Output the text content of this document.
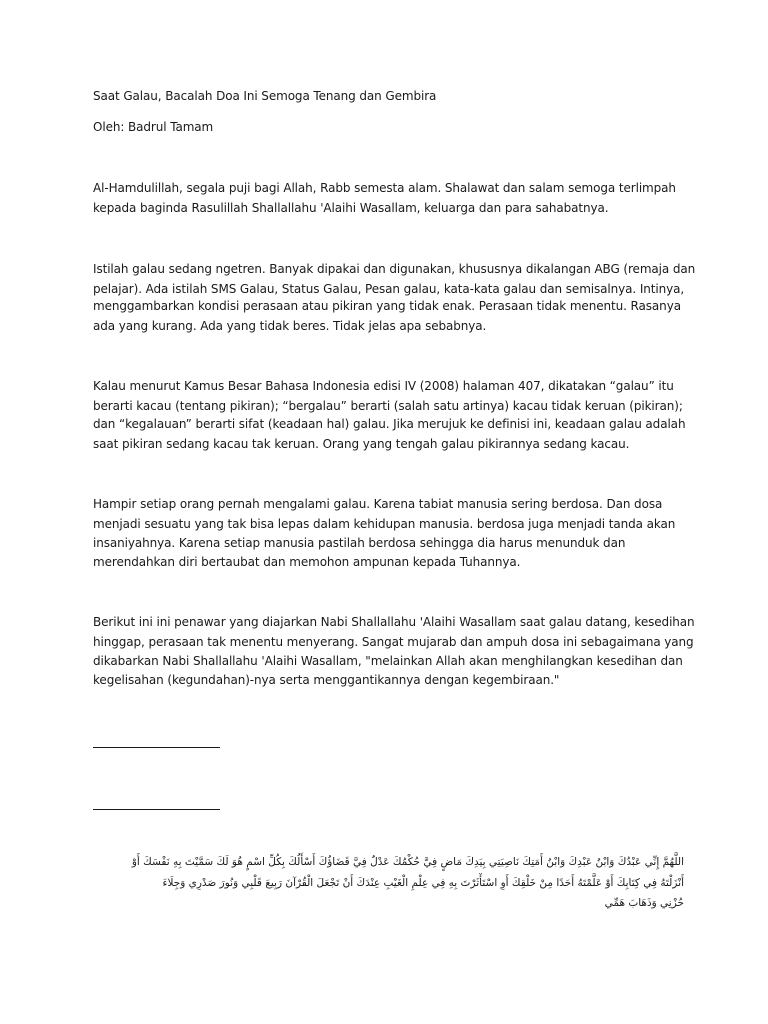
Saat Galau, Bacalah Doa Ini Semoga Tenang dan Gembira
Oleh: Badrul Tamam
Al-Hamdulillah, segala puji bagi Allah, Rabb semesta alam. Shalawat dan salam semoga terlimpah
kepada baginda Rasulillah Shallallahu 'Alaihi Wasallam, keluarga dan para sahabatnya.
Istilah galau sedang ngetren. Banyak dipakai dan digunakan, khususnya dikalangan ABG (remaja dan
pelajar). Ada istilah SMS Galau, Status Galau, Pesan galau, kata-kata galau dan semisalnya. Intinya,
menggambarkan kondisi perasaan atau pikiran yang tidak enak. Perasaan tidak menentu. Rasanya
ada yang kurang. Ada yang tidak beres. Tidak jelas apa sebabnya.
Kalau menurut Kamus Besar Bahasa Indonesia edisi IV (2008) halaman 407, dikatakan “galau” itu
berarti kacau (tentang pikiran); “bergalau” berarti (salah satu artinya) kacau tidak keruan (pikiran);
dan “kegalauan” berarti sifat (keadaan hal) galau. Jika merujuk ke definisi ini, keadaan galau adalah
saat pikiran sedang kacau tak keruan. Orang yang tengah galau pikirannya sedang kacau.
Hampir setiap orang pernah mengalami galau. Karena tabiat manusia sering berdosa. Dan dosa
menjadi sesuatu yang tak bisa lepas dalam kehidupan manusia. berdosa juga menjadi tanda akan
insaniyahnya. Karena setiap manusia pastilah berdosa sehingga dia harus menunduk dan
merendahkan diri bertaubat dan memohon ampunan kepada Tuhannya.
Berikut ini ini penawar yang diajarkan Nabi Shallallahu 'Alaihi Wasallam saat galau datang, kesedihan
hinggap, perasaan tak menentu menyerang. Sangat mujarab dan ampuh dosa ini sebagaimana yang
dikabarkan Nabi Shallallahu 'Alaihi Wasallam, "melainkan Allah akan menghilangkan kesedihan dan
kegelisahan (kegundahan)-nya serta menggantikannya dengan kegembiraan."
اللَّهُمَّ إِنِّي عَبْدُكَ وَابْنُ عَبْدِكَ وَابْنُ أَمَتِكَ نَاصِيَتِي بِيَدِكَ مَاضٍ فِيَّ حُكْمُكَ عَدْلٌ فِيَّ قَضَاؤُكَ أَسْأَلُكَ بِكُلِّ اسْمٍ هُوَ لَكَ سَمَّيْتَ بِهِ نَفْسَكَ أَوْ
أَنْزَلْتَهُ فِي كِتَابِكَ أَوْ عَلَّمْتَهُ أَحَدًا مِنْ خَلْقِكَ أَوِ اسْتَأْثَرْتَ بِهِ فِي عِلْمِ الْغَيْبِ عِنْدَكَ أَنْ تَجْعَلَ الْقُرْآنَ رَبِيعَ قَلْبِي وَنُورَ صَدْرِي وَجِلَاءَ
حُزْنِي وَذَهَابَ هَمِّي
